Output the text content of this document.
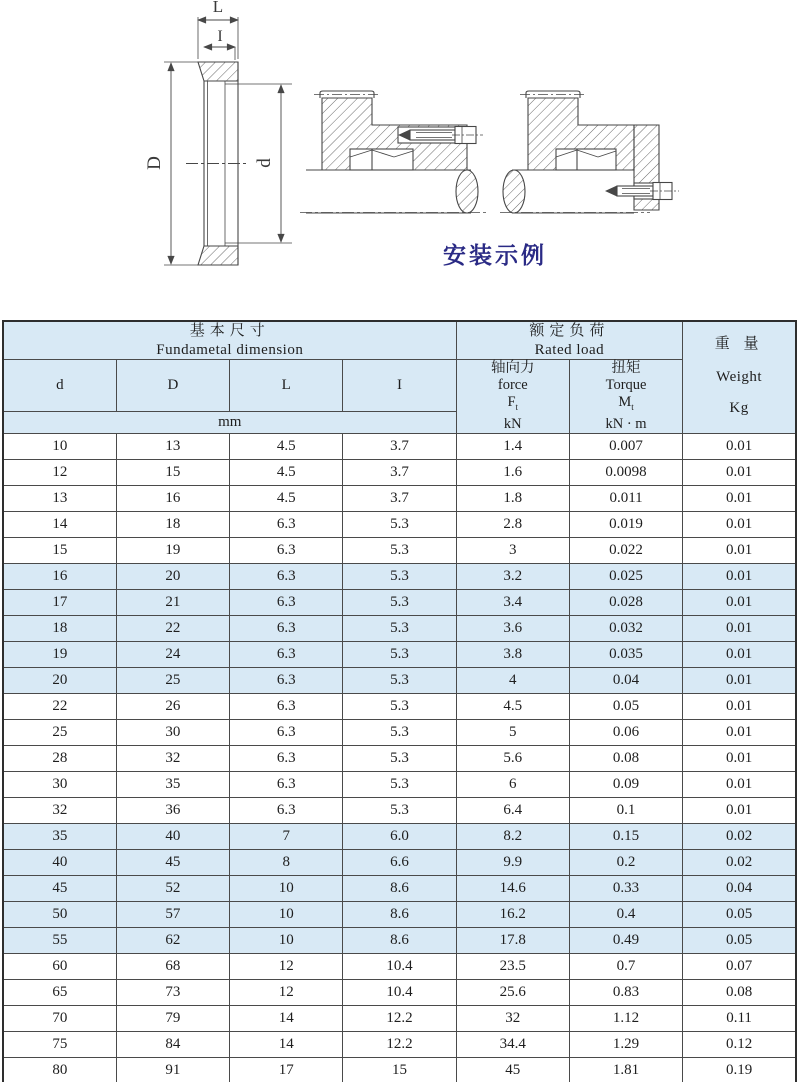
L
I
D	d
安装示例
基本尺寸
Fundametal dimension

额定负荷
Rated load	重 量
Weight
Kg

d	D	L	I	
轴向力
force
$F_t$
kN

扭矩
Torque
$M_t$
kN · m

mm						
10	13	4.5	3.7	1.4	0.007	0.01
12	15	4.5	3.7	1.6	0.0098	0.01
13	16	4.5	3.7	1.8	0.011	0.01
14	18	6.3	5.3	2.8	0.019	0.01
15	19	6.3	5.3	3	0.022	0.01
16	20	6.3	5.3	3.2	0.025	0.01
17	21	6.3	5.3	3.4	0.028	0.01
18	22	6.3	5.3	3.6	0.032	0.01
19	24	6.3	5.3	3.8	0.035	0.01
20	25	6.3	5.3	4	0.04	0.01
22	26	6.3	5.3	4.5	0.05	0.01
25	30	6.3	5.3	5	0.06	0.01
28	32	6.3	5.3	5.6	0.08	0.01
30	35	6.3	5.3	6	0.09	0.01
32	36	6.3	5.3	6.4	0.1	0.01
35	40	7	6.0	8.2	0.15	0.02
40	45	8	6.6	9.9	0.2	0.02
45	52	10	8.6	14.6	0.33	0.04
50	57	10	8.6	16.2	0.4	0.05
55	62	10	8.6	17.8	0.49	0.05
60	68	12	10.4	23.5	0.7	0.07
65	73	12	10.4	25.6	0.83	0.08
70	79	14	12.2	32	1.12	0.11
75	84	14	12.2	34.4	1.29	0.12
80	91	17	15	45	1.81	0.19
